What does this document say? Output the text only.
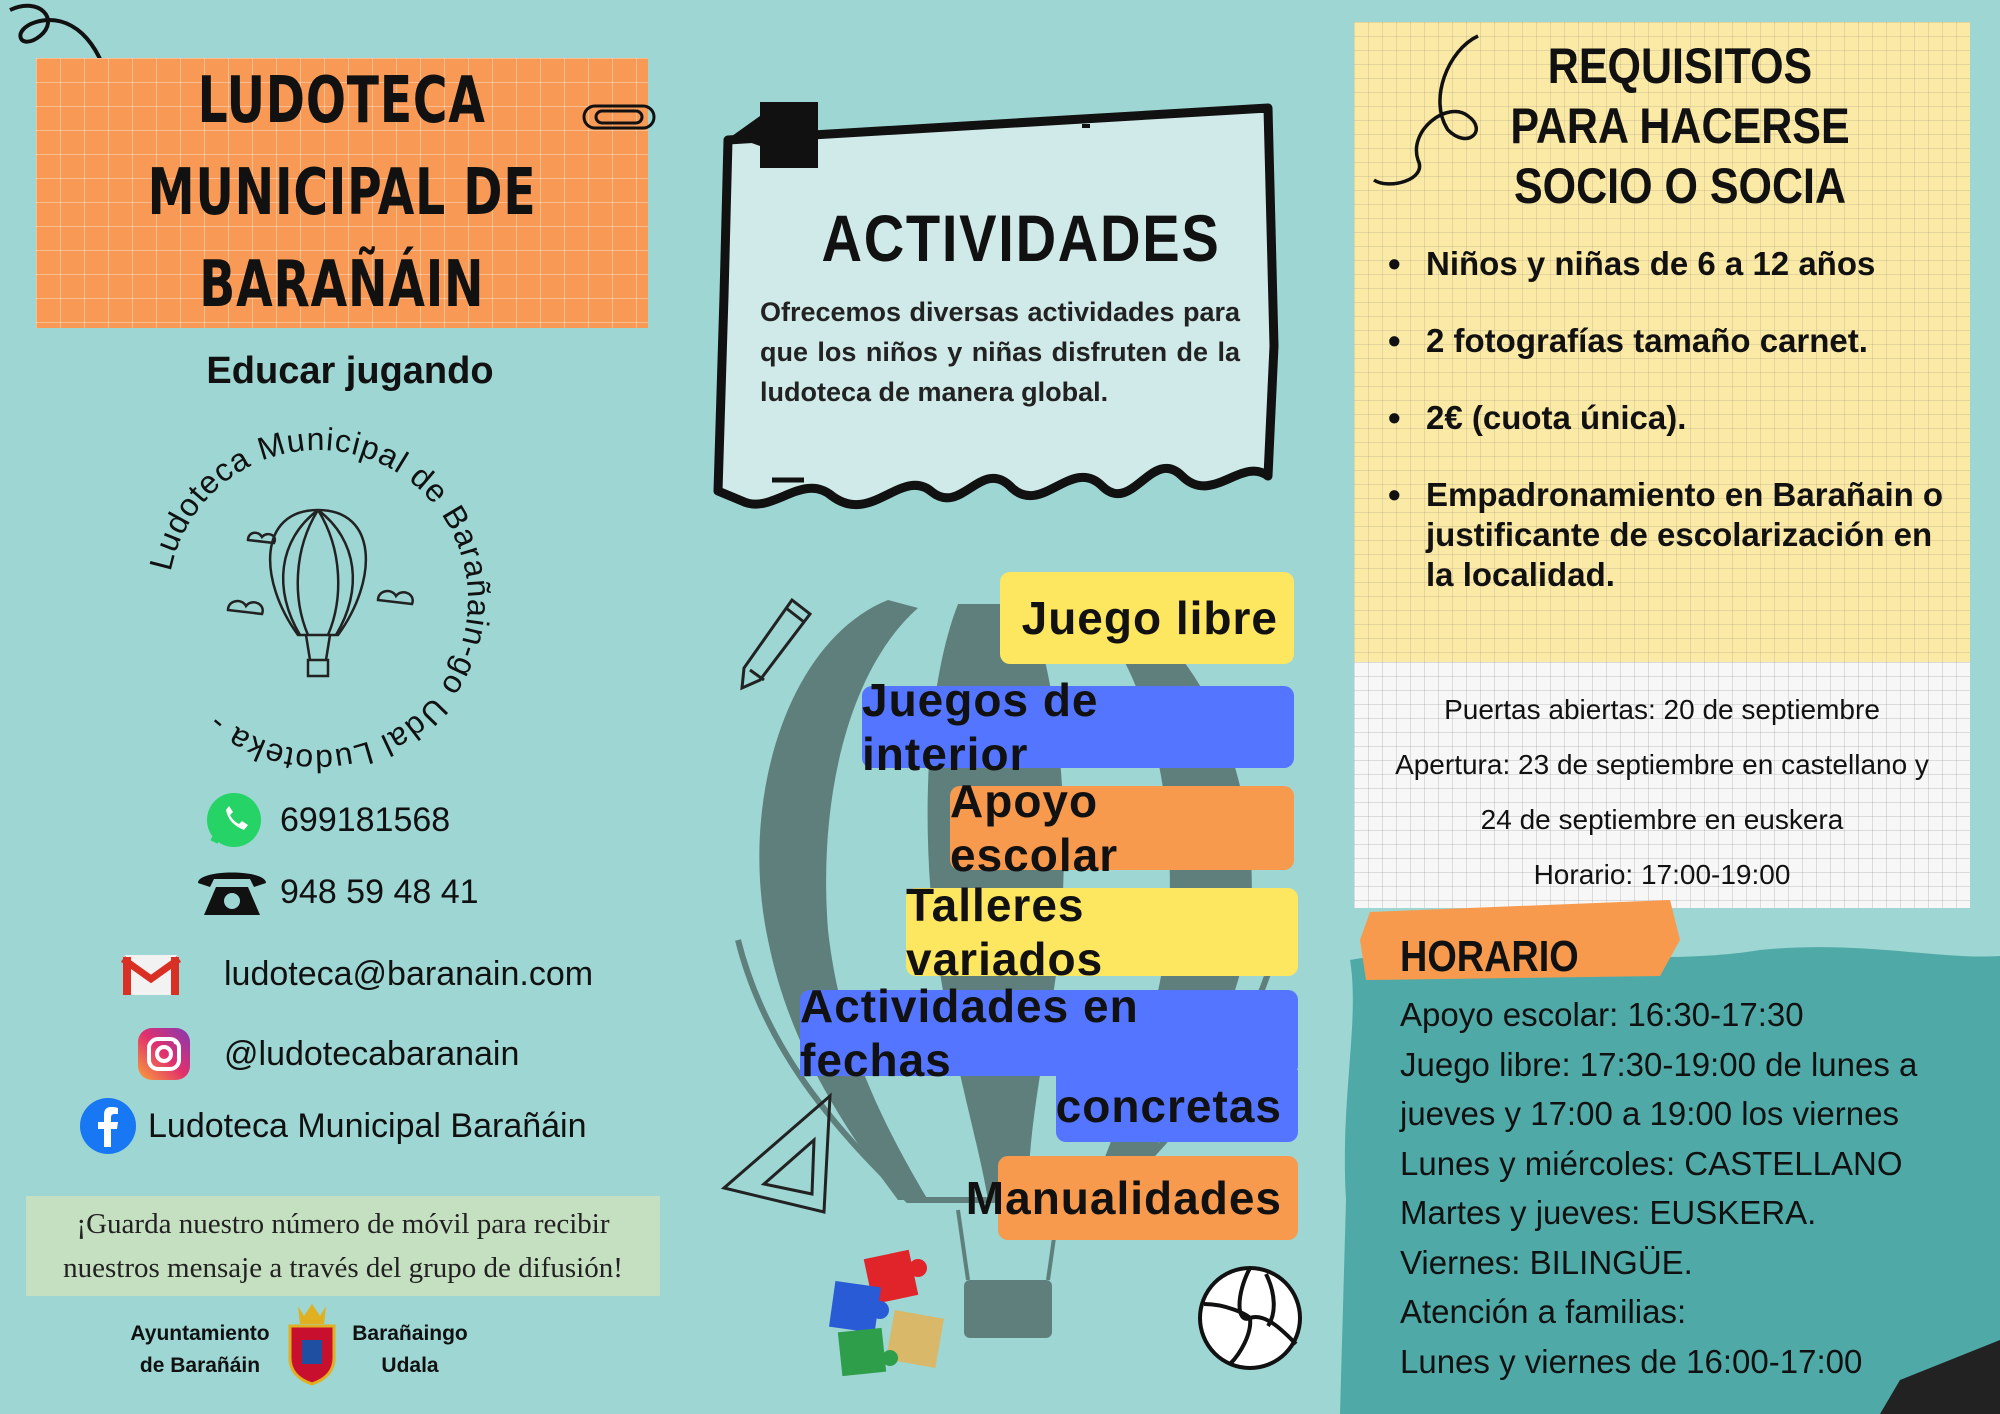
LUDOTECA
MUNICIPAL DE
BARAÑÁIN
Educar jugando
Ludoteca Municipal de Barañain-go Udal Ludoteka -
699181568
948 59 48 41
ludoteca@baranain.com
@ludotecabaranain
Ludoteca Municipal Barañáin
¡Guarda nuestro número de móvil para recibir
nuestros mensaje a través del grupo de difusión!
Ayuntamiento
de Barañáin
Barañaingo
Udala
ACTIVIDADES
Ofrecemos diversas actividades para que los niños y niñas disfruten de la ludoteca de manera global.
Juego libre
Juegos de interior
Apoyo escolar
Talleres variados
Actividades en fechas
concretas
Manualidades
REQUISITOS
PARA HACERSE
SOCIO O SOCIA
• Niños y niñas de 6 a 12 años
• 2 fotografías tamaño carnet.
• 2€ (cuota única).
• Empadronamiento en Barañain o justificante de escolarización en la localidad.
Puertas abiertas: 20 de septiembre
Apertura: 23 de septiembre en castellano y
24 de septiembre en euskera
Horario: 17:00-19:00
HORARIO
Apoyo escolar: 16:30-17:30
Juego libre: 17:30-19:00 de lunes a
jueves y 17:00 a 19:00 los viernes
Lunes y miércoles: CASTELLANO
Martes y jueves: EUSKERA.
Viernes: BILINGÜE.
Atención a familias:
Lunes y viernes de 16:00-17:00
